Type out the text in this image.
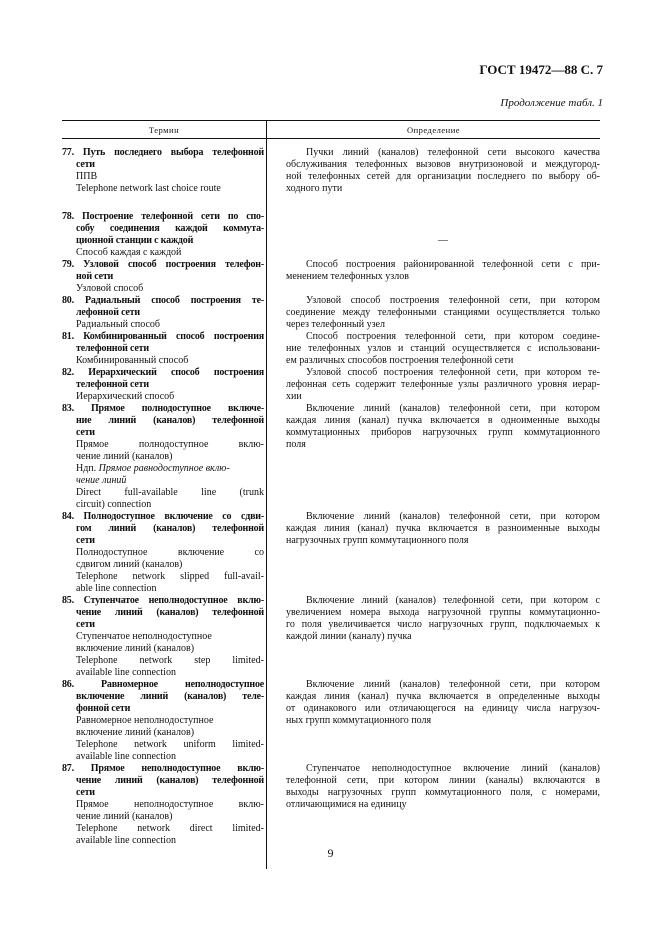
ГОСТ 19472—88 С. 7
Продолжение табл. 1
Термин	Определение
77. Путь последнего выбора телефонной
сети
ППВ
Telephone network last choice route
Пучки линий (каналов) телефонной сети высокого качества
обслуживания телефонных вызовов внутризоновой и междугород-
ной телефонных сетей для организации последнего по выбору об-
ходного пути
78. Построение телефонной сети по спо-
собу соединения каждой коммута-
ционной станции с каждой
Способ каждая с каждой
—
79. Узловой способ построения телефон-
ной сети
Узловой способ
Способ построения районированной телефонной сети с при-
менением телефонных узлов
80. Радиальный способ построения те-
лефонной сети
Радиальный способ
Узловой способ построения телефонной сети, при котором
соединение между телефонными станциями осуществляется только
через телефонный узел
81. Комбинированный способ построения
телефонной сети
Комбинированный способ
Способ построения телефонной сети, при котором соедине-
ние телефонных узлов и станций осуществляется с использовани-
ем различных способов построения телефонной сети
82. Иерархический способ построения
телефонной сети
Иерархический способ
Узловой способ построения телефонной сети, при котором те-
лефонная сеть содержит телефонные узлы различного уровня иерар-
хии
83. Прямое полнодоступное включе-
ние линий (каналов) телефонной
сети
Прямое полнодоступное вклю-
чение линий (каналов)
Ндп. Прямое равнодоступное вклю-
чение линий
Direct full-available line (trunk
circuit) connection
Включение линий (каналов) телефонной сети, при котором
каждая линия (канал) пучка включается в одноименные выходы
коммутационных приборов нагрузочных групп коммутационного
поля
84. Полнодоступное включение со сдви-
гом линий (каналов) телефонной
сети
Полнодоступное включение со
сдвигом линий (каналов)
Telephone network slipped full-avail-
able line connection
Включение линий (каналов) телефонной сети, при котором
каждая линия (канал) пучка включается в разноименные выходы
нагрузочных групп коммутационного поля
85. Ступенчатое неполнодоступное вклю-
чение линий (каналов) телефонной
сети
Ступенчатое неполнодоступное
включение линий (каналов)
Telephone network step limited-
available line connection
Включение линий (каналов) телефонной сети, при котором с
увеличением номера выхода нагрузочной группы коммутационно-
го поля увеличивается число нагрузочных групп, подключаемых к
каждой линии (каналу) пучка
86. Равномерное неполнодоступное
включение линий (каналов) теле-
фонной сети
Равномерное неполнодоступное
включение линий (каналов)
Telephone network uniform limited-
available line connection
Включение линий (каналов) телефонной сети, при котором
каждая линия (канал) пучка включается в определенные выходы
от одинакового или отличающегося на единицу числа нагрузоч-
ных групп коммутационного поля
87. Прямое неполнодоступное вклю-
чение линий (каналов) телефонной
сети
Прямое неполнодоступное вклю-
чение линий (каналов)
Telephone network direct limited-
available line connection
Ступенчатое неполнодоступное включение линий (каналов)
телефонной сети, при котором линии (каналы) включаются в
выходы нагрузочных групп коммутационного поля, с номерами,
отличающимися на единицу
9
